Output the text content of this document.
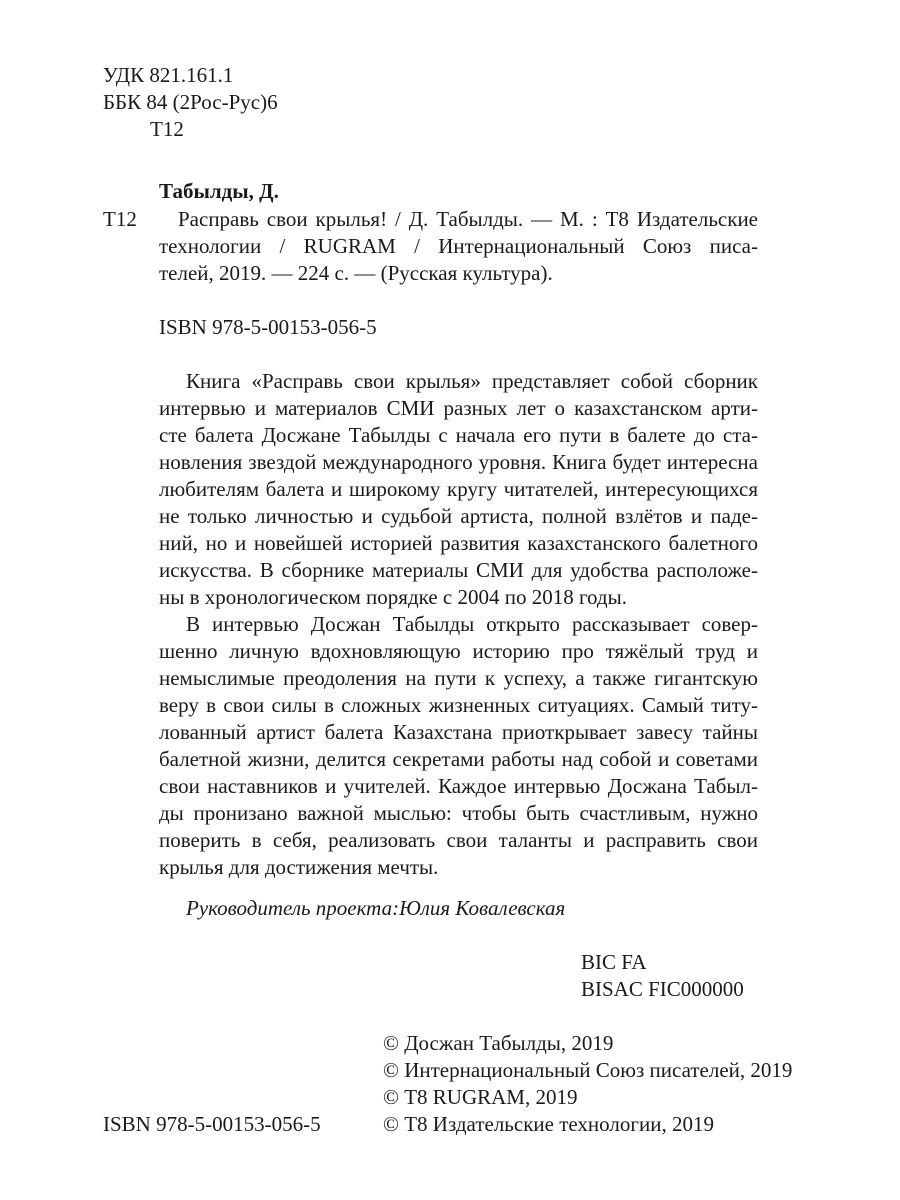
УДК 821.161.1
ББК 84 (2Рос-Рус)6
Т12
Табылды, Д.
Т12 Расправь свои крылья! / Д. Табылды. — М. : Т8 Издательские
технологии / RUGRAM / Интернациональный Союз писа-
телей, 2019. — 224 с. — (Русская культура).
ISBN 978-5-00153-056-5
Книга «Расправь свои крылья» представляет собой сборник
интервью и материалов СМИ разных лет о казахстанском арти-
сте балета Досжане Табылды с начала его пути в балете до ста-
новления звездой международного уровня. Книга будет интересна
любителям балета и широкому кругу читателей, интересующихся
не только личностью и судьбой артиста, полной взлётов и паде-
ний, но и новейшей историей развития казахстанского балетного
искусства. В сборнике материалы СМИ для удобства расположе-
ны в хронологическом порядке с 2004 по 2018 годы.
В интервью Досжан Табылды открыто рассказывает совер-
шенно личную вдохновляющую историю про тяжёлый труд и
немыслимые преодоления на пути к успеху, а также гигантскую
веру в свои силы в сложных жизненных ситуациях. Самый титу-
лованный артист балета Казахстана приоткрывает завесу тайны
балетной жизни, делится секретами работы над собой и советами
свои наставников и учителей. Каждое интервью Досжана Табыл-
ды пронизано важной мыслью: чтобы быть счастливым, нужно
поверить в себя, реализовать свои таланты и расправить свои
крылья для достижения мечты.
Руководитель проекта:Юлия Ковалевская
BIC FA
BISAC FIC000000
© Досжан Табылды, 2019
© Интернациональный Союз писателей, 2019
© Т8 RUGRAM, 2019
© Т8 Издательские технологии, 2019
ISBN 978-5-00153-056-5
